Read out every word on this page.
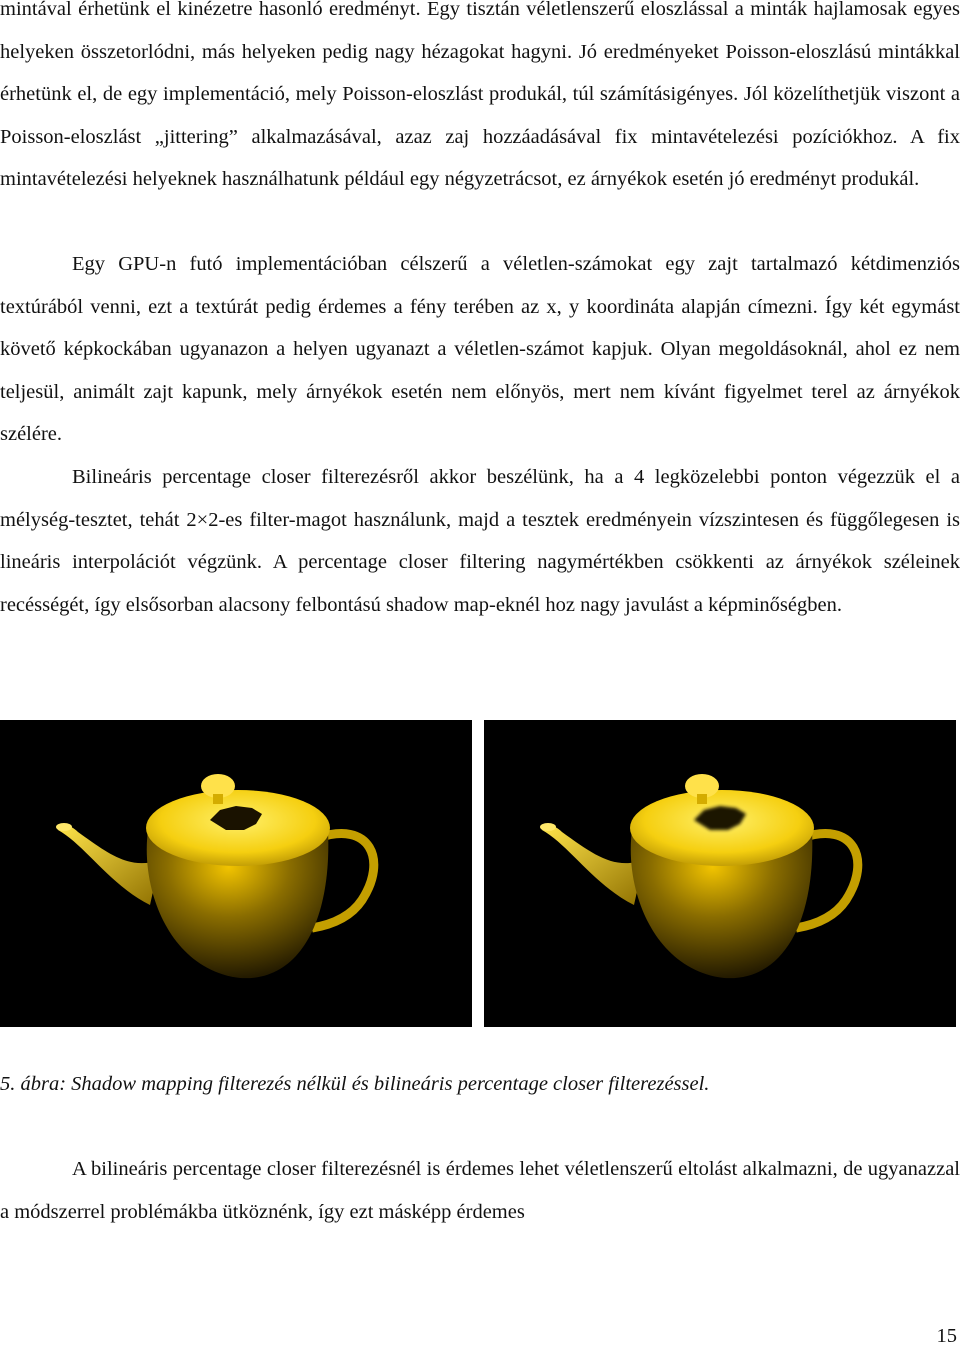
mintával érhetünk el kinézetre hasonló eredményt. Egy tisztán véletlenszerű eloszlással a minták hajlamosak egyes helyeken összetorlódni, más helyeken pedig nagy hézagokat hagyni. Jó eredményeket Poisson-eloszlású mintákkal érhetünk el, de egy implementáció, mely Poisson-eloszlást produkál, túl számításigényes. Jól közelíthetjük viszont a Poisson-eloszlást „jittering” alkalmazásával, azaz zaj hozzáadásával fix mintavételezési pozíciókhoz. A fix mintavételezési helyeknek használhatunk például egy négyzetrácsot, ez árnyékok esetén jó eredményt produkál.

Egy GPU-n futó implementációban célszerű a véletlen-számokat egy zajt tartalmazó kétdimenziós textúrából venni, ezt a textúrát pedig érdemes a fény terében az x, y koordináta alapján címezni. Így két egymást követő képkockában ugyanazon a helyen ugyanazt a véletlen-számot kapjuk. Olyan megoldásoknál, ahol ez nem teljesül, animált zajt kapunk, mely árnyékok esetén nem előnyös, mert nem kívánt figyelmet terel az árnyékok szélére.

Bilineáris percentage closer filterezésről akkor beszélünk, ha a 4 legközelebbi ponton végezzük el a mélység-tesztet, tehát 2×2-es filter-magot használunk, majd a tesztek eredményein vízszintesen és függőlegesen is lineáris interpolációt végzünk. A percentage closer filtering nagymértékben csökkenti az árnyékok széleinek recésségét, így elsősorban alacsony felbontású shadow map-eknél hoz nagy javulást a képminőségben.

5. ábra: Shadow mapping filterezés nélkül és bilineáris percentage closer filterezéssel.

A bilineáris percentage closer filterezésnél is érdemes lehet véletlenszerű eltolást alkalmazni, de ugyanazzal a módszerrel problémákba ütköznénk, így ezt másképp érdemes

15
